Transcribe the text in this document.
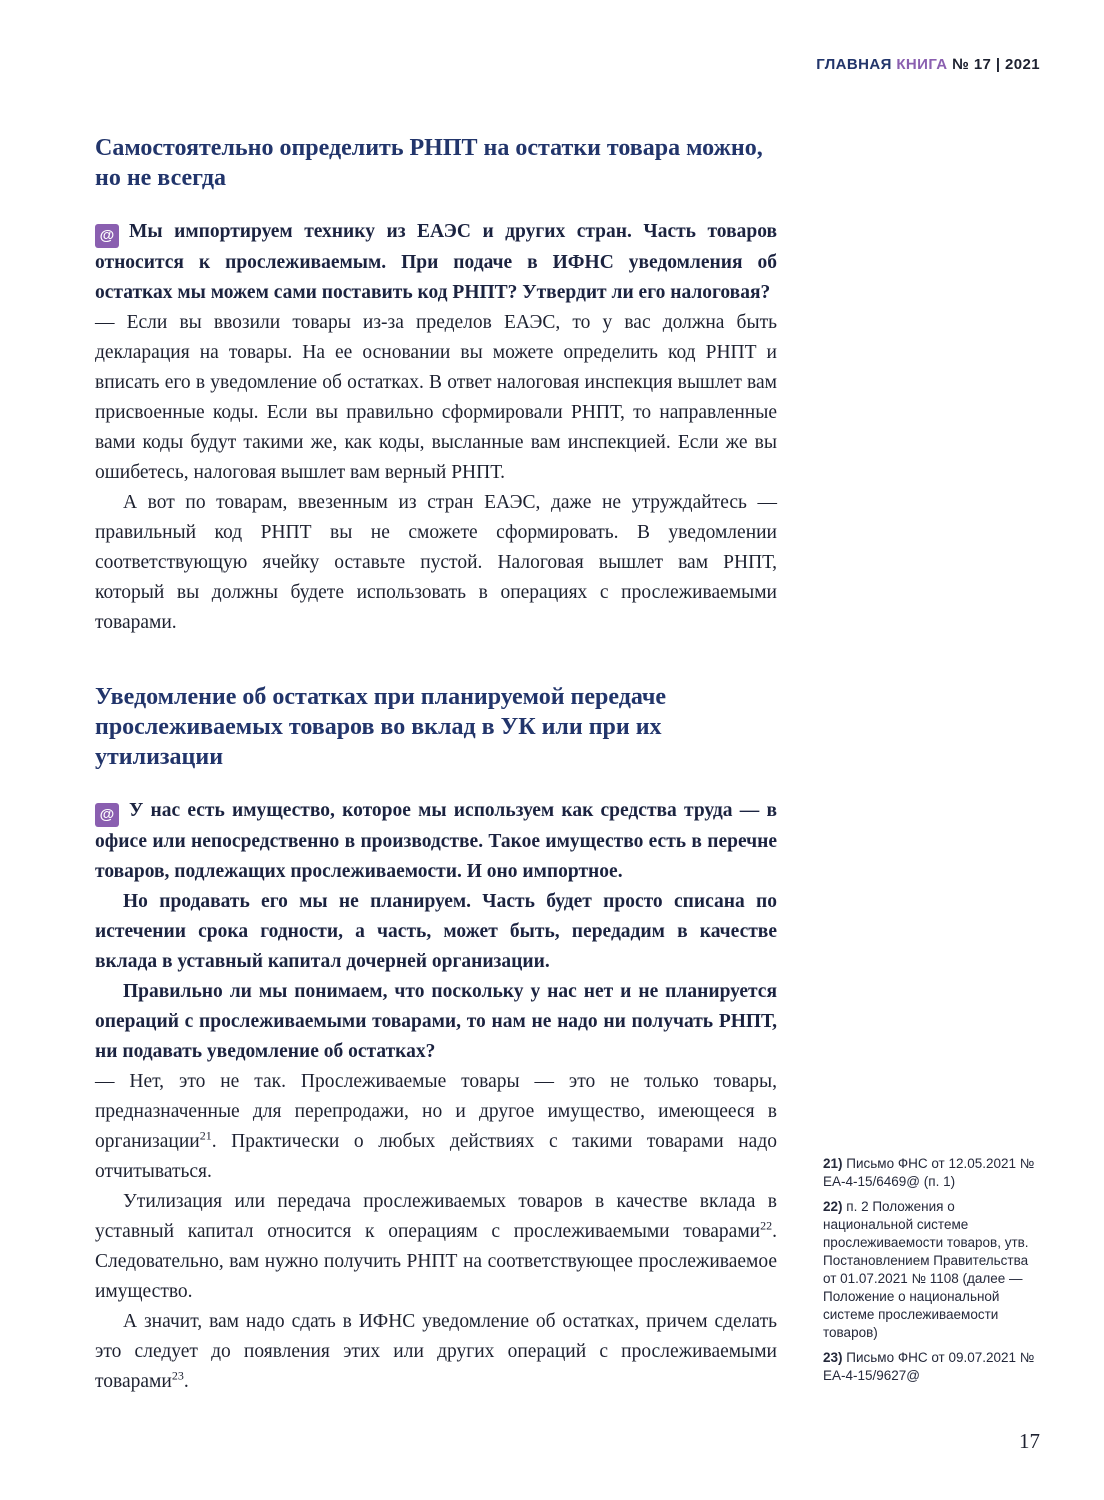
ГЛАВНАЯ КНИГА № 17 | 2021
Самостоятельно определить РНПТ на остатки товара можно, но не всегда

@ Мы импортируем технику из ЕАЭС и других стран. Часть товаров относится к прослеживаемым. При подаче в ИФНС уведомления об остатках мы можем сами поставить код РНПТ? Утвердит ли его налоговая?

— Если вы ввозили товары из-за пределов ЕАЭС, то у вас должна быть декларация на товары. На ее основании вы можете определить код РНПТ и вписать его в уведомление об остатках. В ответ налоговая инспекция вышлет вам присвоенные коды. Если вы правильно сформировали РНПТ, то направленные вами коды будут такими же, как коды, высланные вам инспекцией. Если же вы ошибетесь, налоговая вышлет вам верный РНПТ.

А вот по товарам, ввезенным из стран ЕАЭС, даже не утруждайтесь — правильный код РНПТ вы не сможете сформировать. В уведомлении соответствующую ячейку оставьте пустой. Налоговая вышлет вам РНПТ, который вы должны будете использовать в операциях с прослеживаемыми товарами.

Уведомление об остатках при планируемой передаче прослеживаемых товаров во вклад в УК или при их утилизации

@ У нас есть имущество, которое мы используем как средства труда — в офисе или непосредственно в производстве. Такое имущество есть в перечне товаров, подлежащих прослеживаемости. И оно импортное.

Но продавать его мы не планируем. Часть будет просто списана по истечении срока годности, а часть, может быть, передадим в качестве вклада в уставный капитал дочерней организации.

Правильно ли мы понимаем, что поскольку у нас нет и не планируется операций с прослеживаемыми товарами, то нам не надо ни получать РНПТ, ни подавать уведомление об остатках?

— Нет, это не так. Прослеживаемые товары — это не только товары, предназначенные для перепродажи, но и другое имущество, имеющееся в организации$^{21}$. Практически о любых действиях с такими товарами надо отчитываться.

Утилизация или передача прослеживаемых товаров в качестве вклада в уставный капитал относится к операциям с прослеживаемыми товарами$^{22}$. Следовательно, вам нужно получить РНПТ на соответствующее прослеживаемое имущество.

А значит, вам надо сдать в ИФНС уведомление об остатках, причем сделать это следует до появления этих или других операций с прослеживаемыми товарами$^{23}$.

21) Письмо ФНС от 12.05.2021 № ЕА-4-15/6469@ (п. 1)

22) п. 2 Положения о национальной системе прослеживаемости товаров, утв. Постановлением Правительства от 01.07.2021 № 1108 (далее — Положение о национальной системе прослеживаемости товаров)

23) Письмо ФНС от 09.07.2021 № ЕА-4-15/9627@

17
